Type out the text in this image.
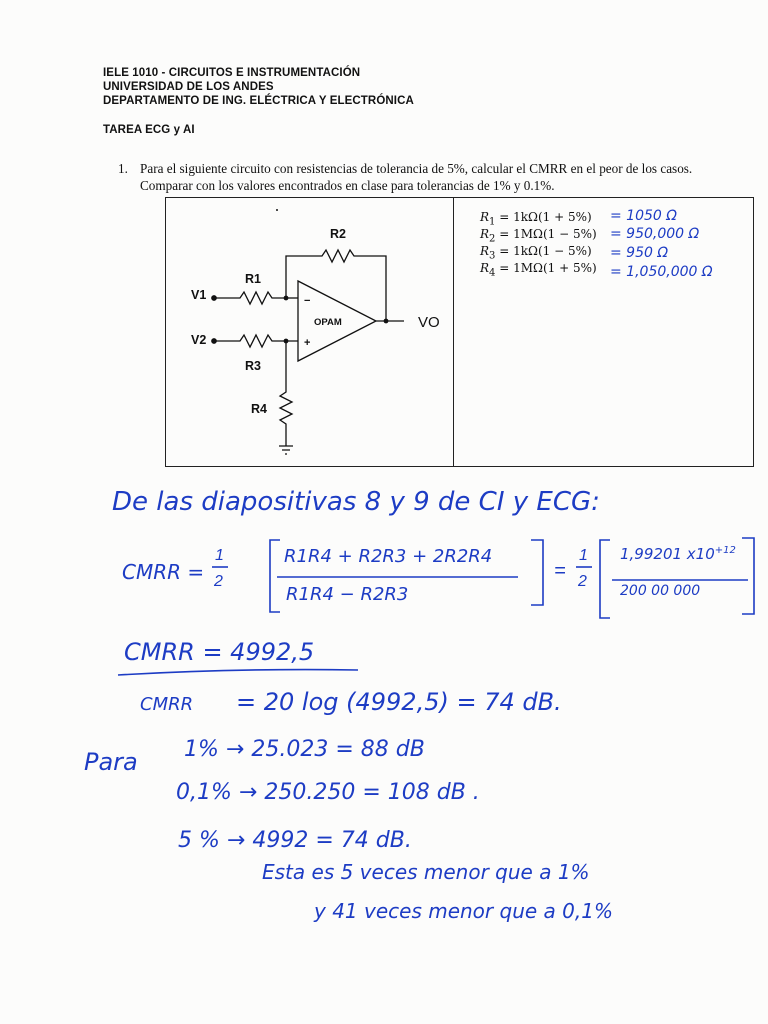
IELE 1010 - CIRCUITOS E INSTRUMENTACIÓN
UNIVERSIDAD DE LOS ANDES
DEPARTAMENTO DE ING. ELÉCTRICA Y ELECTRÓNICA
TAREA ECG y AI
1. Para el siguiente circuito con resistencias de tolerancia de 5%, calcular el CMRR en el peor de los casos. Comparar con los valores encontrados en clase para tolerancias de 1% y 0.1%.
R2
R1
V1
V2
R3
R4
OPAM
−
+
VO
$R_1 = 1k\Omega(1 + 5\%)$
$R_2 = 1M\Omega(1 - 5\%)$
$R_3 = 1k\Omega(1 - 5\%)$
$R_4 = 1M\Omega(1 + 5\%)$
= 1050 Ω
= 950,000 Ω
= 950 Ω
= 1,050,000 Ω
De las diapositivas 8 y 9 de CI y ECG:
CMRR =
1
2
1
2
=
R1R4 + R2R3 + 2R2R4
R1R4 − R2R3
1,99201 $x10^{+12}$
200 00 000
CMRR = 4992,5
CMRR = 20 log (4992,5) = 74 dB.
Para 1% → 25.023 = 88 dB
0,1% → 250.250 = 108 dB .
5 % → 4992 = 74 dB.
Esta es 5 veces menor que a 1%
y 41 veces menor que a 0,1%
